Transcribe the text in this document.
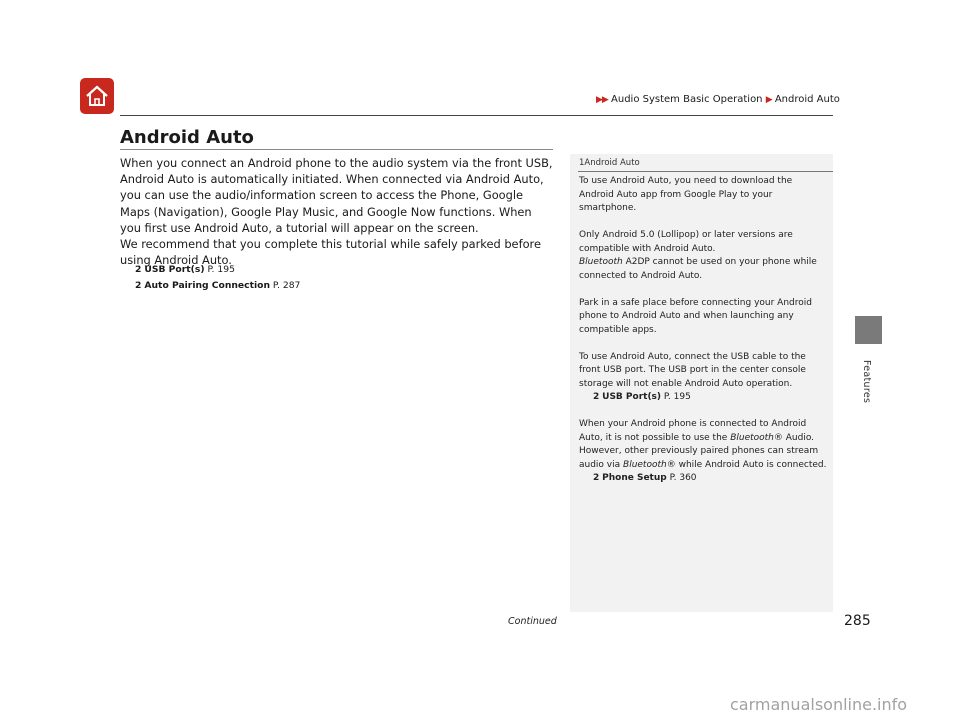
▶▶ Audio System Basic Operation ▶ Android Auto
Android Auto
When you connect an Android phone to the audio system via the front USB, Android Auto is automatically initiated. When connected via Android Auto, you can use the audio/information screen to access the Phone, Google Maps (Navigation), Google Play Music, and Google Now functions. When you first use Android Auto, a tutorial will appear on the screen.
We recommend that you complete this tutorial while safely parked before using Android Auto.
2 USB Port(s) P. 195
2 Auto Pairing Connection P. 287
1Android Auto

To use Android Auto, you need to download the Android Auto app from Google Play to your smartphone.

Only Android 5.0 (Lollipop) or later versions are compatible with Android Auto.
Bluetooth A2DP cannot be used on your phone while connected to Android Auto.

Park in a safe place before connecting your Android phone to Android Auto and when launching any compatible apps.

To use Android Auto, connect the USB cable to the front USB port. The USB port in the center console storage will not enable Android Auto operation.
2 USB Port(s) P. 195

When your Android phone is connected to Android Auto, it is not possible to use the Bluetooth® Audio. However, other previously paired phones can stream audio via Bluetooth® while Android Auto is connected.
2 Phone Setup P. 360

Features
Continued	285
carmanualsonline.info
